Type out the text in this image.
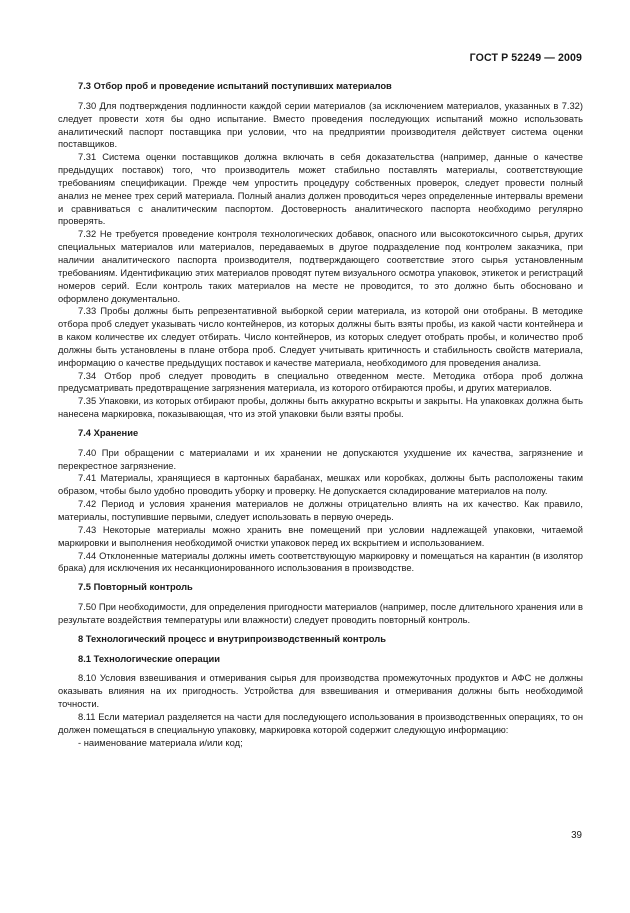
ГОСТ Р 52249 — 2009
7.3 Отбор проб и проведение испытаний поступивших материалов

7.30 Для подтверждения подлинности каждой серии материалов (за исключением материалов, указанных в 7.32) следует провести хотя бы одно испытание. Вместо проведения последующих испытаний можно использовать аналитический паспорт поставщика при условии, что на предприятии производителя действует система оценки поставщиков.

7.31 Система оценки поставщиков должна включать в себя доказательства (например, данные о качестве предыдущих поставок) того, что производитель может стабильно поставлять материалы, соответствующие требованиям спецификации. Прежде чем упростить процедуру собственных проверок, следует провести полный анализ не менее трех серий материала. Полный анализ должен проводиться через определенные интервалы времени и сравниваться с аналитическим паспортом. Достоверность аналитического паспорта необходимо регулярно проверять.

7.32 Не требуется проведение контроля технологических добавок, опасного или высокотоксичного сырья, других специальных материалов или материалов, передаваемых в другое подразделение под контролем заказчика, при наличии аналитического паспорта производителя, подтверждающего соответствие этого сырья установленным требованиям. Идентификацию этих материалов проводят путем визуального осмотра упаковок, этикеток и регистраций номеров серий. Если контроль таких материалов на месте не проводится, то это должно быть обосновано и оформлено документально.

7.33 Пробы должны быть репрезентативной выборкой серии материала, из которой они отобраны. В методике отбора проб следует указывать число контейнеров, из которых должны быть взяты пробы, из какой части контейнера и в каком количестве их следует отбирать. Число контейнеров, из которых следует отобрать пробы, и количество проб должны быть установлены в плане отбора проб. Следует учитывать критичность и стабильность свойств материала, информацию о качестве предыдущих поставок и качестве материала, необходимого для проведения анализа.

7.34 Отбор проб следует проводить в специально отведенном месте. Методика отбора проб должна предусматривать предотвращение загрязнения материала, из которого отбираются пробы, и других материалов.

7.35 Упаковки, из которых отбирают пробы, должны быть аккуратно вскрыты и закрыты. На упаковках должна быть нанесена маркировка, показывающая, что из этой упаковки были взяты пробы.

7.4 Хранение

7.40 При обращении с материалами и их хранении не допускаются ухудшение их качества, загрязнение и перекрестное загрязнение.

7.41 Материалы, хранящиеся в картонных барабанах, мешках или коробках, должны быть расположены таким образом, чтобы было удобно проводить уборку и проверку. Не допускается складирование материалов на полу.

7.42 Период и условия хранения материалов не должны отрицательно влиять на их качество. Как правило, материалы, поступившие первыми, следует использовать в первую очередь.

7.43 Некоторые материалы можно хранить вне помещений при условии надлежащей упаковки, читаемой маркировки и выполнения необходимой очистки упаковок перед их вскрытием и использованием.

7.44 Отклоненные материалы должны иметь соответствующую маркировку и помещаться на карантин (в изолятор брака) для исключения их несанкционированного использования в производстве.

7.5 Повторный контроль

7.50 При необходимости, для определения пригодности материалов (например, после длительного хранения или в результате воздействия температуры или влажности) следует проводить повторный контроль.

8 Технологический процесс и внутрипроизводственный контроль
8.1 Технологические операции

8.10 Условия взвешивания и отмеривания сырья для производства промежуточных продуктов и АФС не должны оказывать влияния на их пригодность. Устройства для взвешивания и отмеривания должны быть необходимой точности.

8.11 Если материал разделяется на части для последующего использования в производственных операциях, то он должен помещаться в специальную упаковку, маркировка которой содержит следующую информацию:

- наименование материала и/или код;
39
